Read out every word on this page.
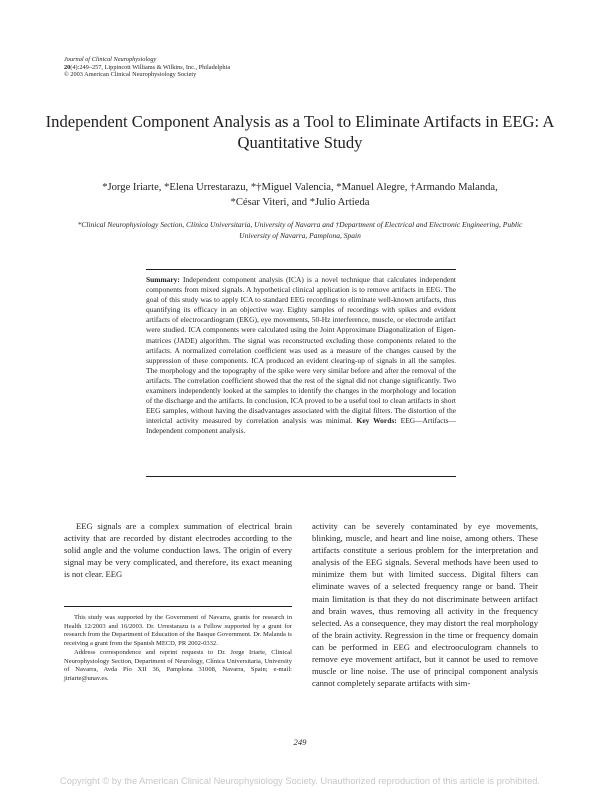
Journal of Clinical Neurophysiology
20(4):249–257, Lippincott Williams & Wilkins, Inc., Philadelphia
© 2003 American Clinical Neurophysiology Society
Independent Component Analysis as a Tool to Eliminate Artifacts in EEG: A Quantitative Study
*Jorge Iriarte, *Elena Urrestarazu, *†Miguel Valencia, *Manuel Alegre, †Armando Malanda,
*César Viteri, and *Julio Artieda
*Clinical Neurophysiology Section, Clínica Universitaria, University of Navarra and †Department of Electrical and Electronic Engineering, Public University of Navarra, Pamplona, Spain
Summary: Independent component analysis (ICA) is a novel technique that calculates independent components from mixed signals. A hypothetical clinical application is to remove artifacts in EEG. The goal of this study was to apply ICA to standard EEG recordings to eliminate well-known artifacts, thus quantifying its efficacy in an objective way. Eighty samples of recordings with spikes and evident artifacts of electrocardiogram (EKG), eye movements, 50-Hz interference, muscle, or electrode artifact were studied. ICA components were calculated using the Joint Approximate Diagonalization of Eigen-matrices (JADE) algorithm. The signal was reconstructed excluding those components related to the artifacts. A normalized correlation coefficient was used as a measure of the changes caused by the suppression of these components. ICA produced an evident clearing-up of signals in all the samples. The morphology and the topography of the spike were very similar before and after the removal of the artifacts. The correlation coefficient showed that the rest of the signal did not change significantly. Two examiners independently looked at the samples to identify the changes in the morphology and location of the discharge and the artifacts. In conclusion, ICA proved to be a useful tool to clean artifacts in short EEG samples, without having the disadvantages associated with the digital filters. The distortion of the interictal activity measured by correlation analysis was minimal. Key Words: EEG—Artifacts—Independent component analysis.
EEG signals are a complex summation of electrical brain activity that are recorded by distant electrodes according to the solid angle and the volume conduction laws. The origin of every signal may be very complicated, and therefore, its exact meaning is not clear. EEG
activity can be severely contaminated by eye movements, blinking, muscle, and heart and line noise, among others. These artifacts constitute a serious problem for the interpretation and analysis of the EEG signals. Several methods have been used to minimize them but with limited success. Digital filters can eliminate waves of a selected frequency range or band. Their main limitation is that they do not discriminate between artifact and brain waves, thus removing all activity in the frequency selected. As a consequence, they may distort the real morphology of the brain activity. Regression in the time or frequency domain can be performed in EEG and electrooculogram channels to remove eye movement artifact, but it cannot be used to remove muscle or line noise. The use of principal component analysis cannot completely separate artifacts with sim-

This study was supported by the Government of Navarra, grants for research in Health 12/2003 and 16/2003. Dr. Urrestarazu is a Fellow supported by a grant for research from the Department of Education of the Basque Government. Dr. Malanda is receiving a grant from the Spanish MECD, PR 2002-0332.

Address correspondence and reprint requests to Dr. Jorge Iriarte, Clinical Neurophysiology Section, Department of Neurology, Clínica Universitaria, University of Navarra, Avda Pío XII 36, Pamplona 31008, Navarra, Spain; e-mail: jiriarte@unav.es.

249
Copyright © by the American Clinical Neurophysiology Society. Unauthorized reproduction of this article is prohibited.
